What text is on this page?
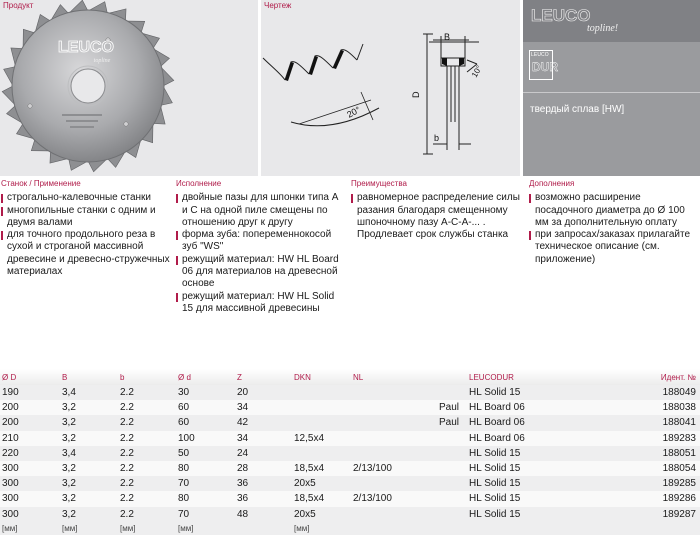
Продукт
LEUCO
topline
Чертеж
20°
B
10°
D
b
LEUCO
topline!
LEUCO
DUR
твердый сплав [HW]
Станок / Применение
строгально-калевочные станки
многопильные станки с одним и двумя валами
для точного продольного реза в сухой и строганой массивной древесине и древесно-стружечных материалах
Исполнение
двойные пазы для шпонки типа А и С на одной пиле смещены по отношению друг к другу
форма зуба: попеременнокосой зуб "WS"
режущий материал: HW HL Board 06 для материалов на древесной основе
режущий материал: HW HL Solid 15 для массивной древесины
Преимущества
равномерное распределение силы разания благодаря смещенному шпоночному пазу A-C-A-... . Продлевает срок службы станка
Дополнения
возможно расширение посадочного диаметра до Ø 100 мм за дополнительную оплату
при запросах/заказах прилагайте техническое описание (см. приложение)
Ø D	B	b	Ø d	Z	DKN	NL		LEUCODUR	Идент. №
190	3,4	2.2	30	20				HL Solid 15	188049
200	3,2	2.2	60	34			Paul	HL Board 06	188038
200	3,2	2.2	60	42			Paul	HL Board 06	188041
210	3,2	2.2	100	34	12,5x4			HL Board 06	189283
220	3,4	2.2	50	24				HL Solid 15	188051
300	3,2	2.2	80	28	18,5x4	2/13/100		HL Solid 15	188054
300	3,2	2.2	70	36	20x5			HL Solid 15	189285
300	3,2	2.2	80	36	18,5x4	2/13/100		HL Solid 15	189286
300	3,2	2.2	70	48	20x5			HL Solid 15	189287
[мм]	[мм]	[мм]	[мм]		[мм]				
